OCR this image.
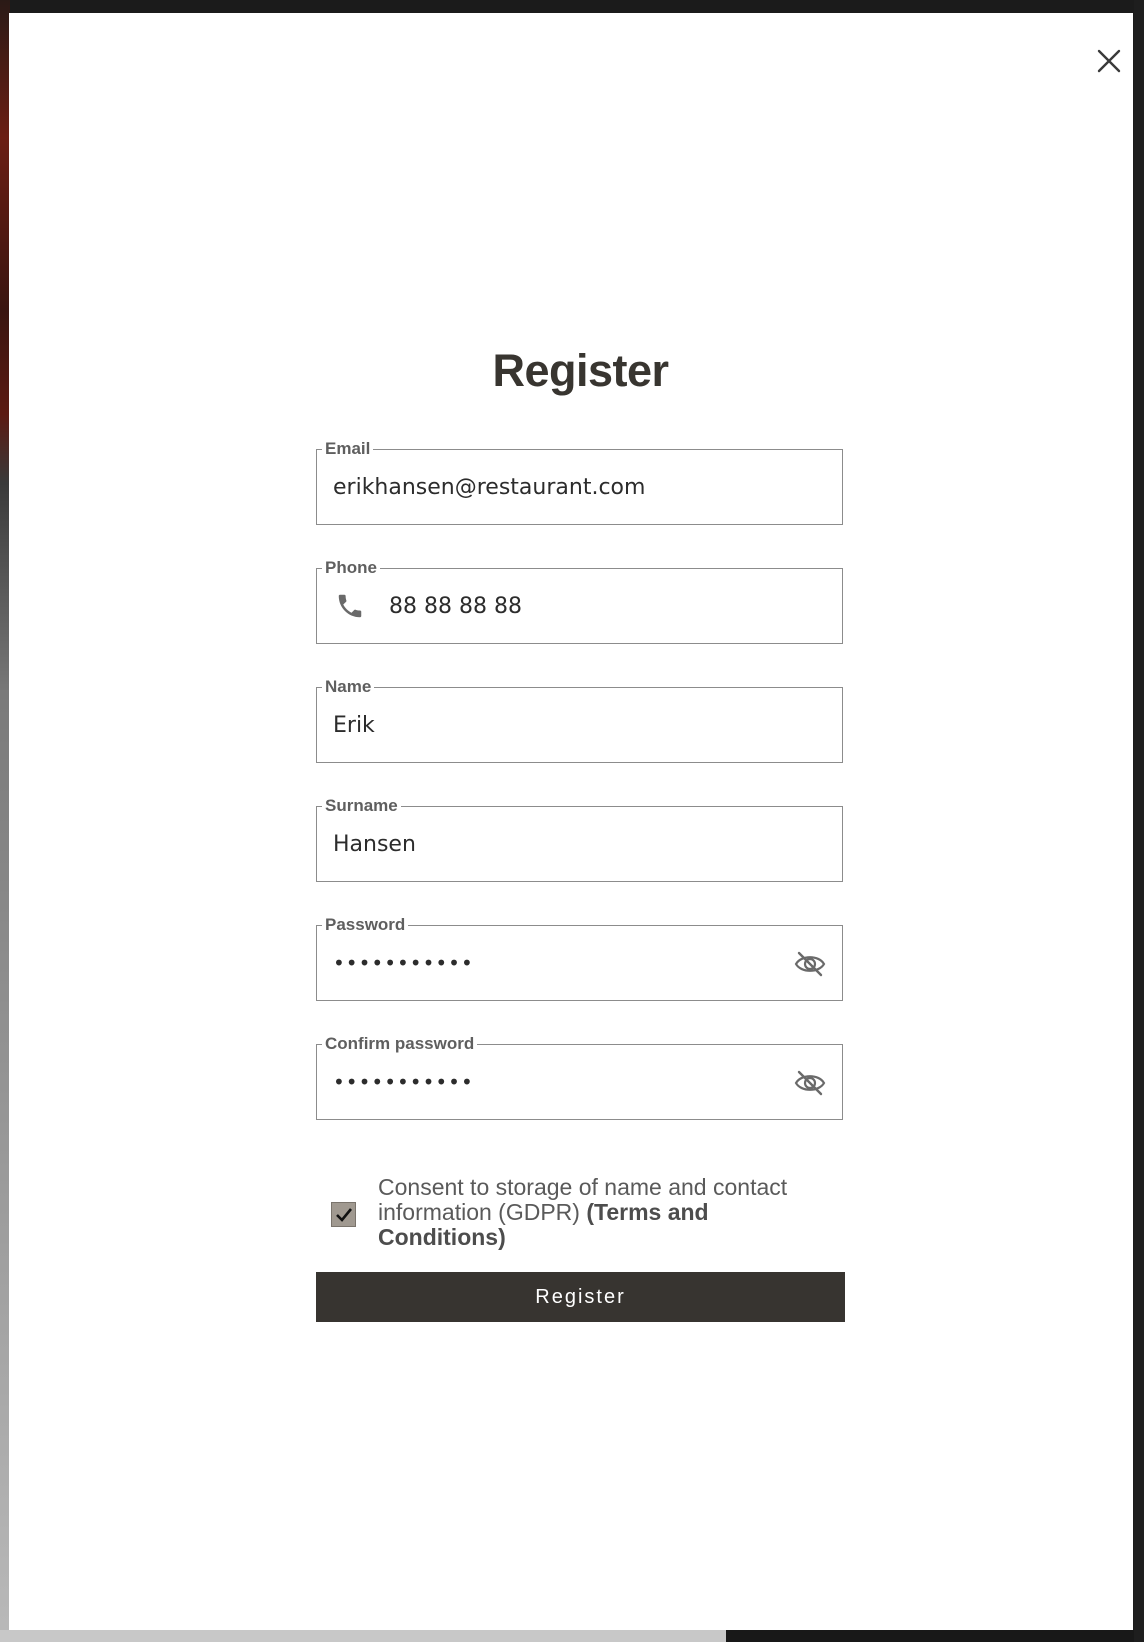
Register
Email
erikhansen@restaurant.com
Phone
88 88 88 88
Name
Erik
Surname
Hansen
Password
•••••••••••
Confirm password
•••••••••••
Consent to storage of name and contact information (GDPR) (Terms and Conditions)
Register
